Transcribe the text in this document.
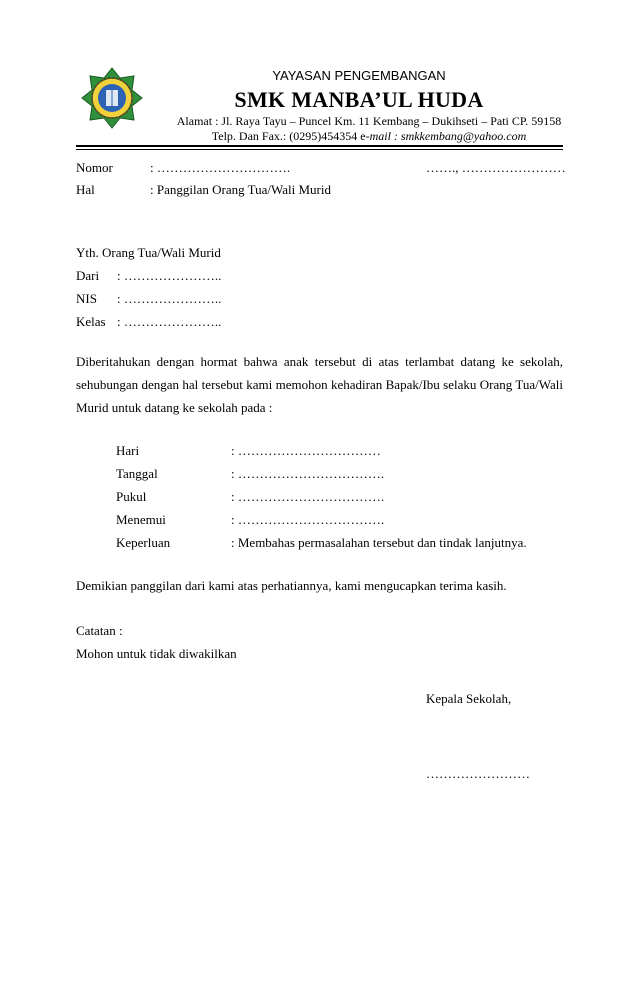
YAYASAN PENGEMBANGAN
SMK MANBA’UL HUDA
Alamat : Jl. Raya Tayu – Puncel Km. 11 Kembang – Dukihseti – Pati CP. 59158
Telp. Dan Fax.: (0295)454354 e-mail : smkkembang@yahoo.com
Nomor	: ………………………….	……., ……………………
Hal	: Panggilan Orang Tua/Wali Murid
Yth. Orang Tua/Wali Murid
Dari : …………………..
NIS : …………………..
Kelas : …………………..
Diberitahukan dengan hormat bahwa anak tersebut di atas terlambat datang ke sekolah, sehubungan dengan hal tersebut kami memohon kehadiran Bapak/Ibu selaku Orang Tua/Wali Murid untuk datang ke sekolah pada :
Hari	: ……………………………
Tanggal	: …………………………….
Pukul	: …………………………….
Menemui	: …………………………….
Keperluan	: Membahas permasalahan tersebut dan tindak lanjutnya.
Demikian panggilan dari kami atas perhatiannya, kami mengucapkan terima kasih.
Catatan :
Mohon untuk tidak diwakilkan
Kepala Sekolah,
……………………
